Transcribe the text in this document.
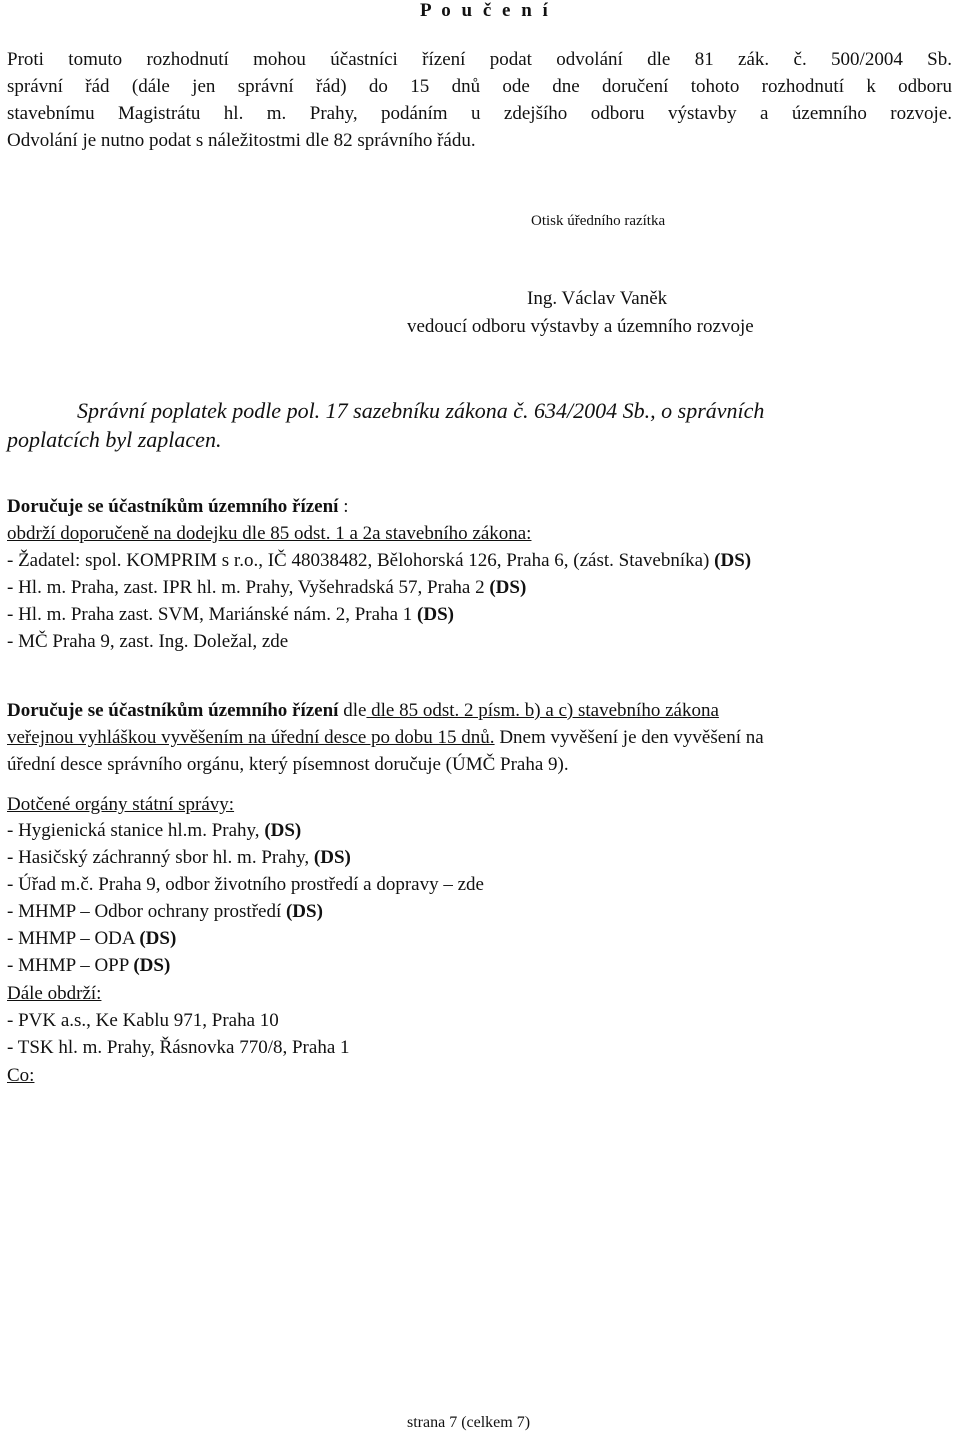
P o u č e n í
Proti tomuto rozhodnutí mohou účastníci řízení podat odvolání dle 81 zák. č. 500/2004 Sb.
správní řád (dále jen správní řád) do 15 dnů ode dne doručení tohoto rozhodnutí k odboru
stavebnímu Magistrátu hl. m. Prahy, podáním u zdejšího odboru výstavby a územního rozvoje.
Odvolání je nutno podat s náležitostmi dle 82 správního řádu.
Otisk úředního razítka
Ing. Václav Vaněk
vedoucí odboru výstavby a územního rozvoje
Správní poplatek podle pol. 17 sazebníku zákona č. 634/2004 Sb., o správních
poplatcích byl zaplacen.
Doručuje se účastníkům územního řízení :
obdrží doporučeně na dodejku dle 85 odst. 1 a 2a stavebního zákona:
- Žadatel: spol. KOMPRIM s r.o., IČ 48038482, Bělohorská 126, Praha 6, (zást. Stavebníka) (DS)
- Hl. m. Praha, zast. IPR hl. m. Prahy, Vyšehradská 57, Praha 2 (DS)
- Hl. m. Praha zast. SVM, Mariánské nám. 2, Praha 1 (DS)
- MČ Praha 9, zast. Ing. Doležal, zde
Doručuje se účastníkům územního řízení dle dle 85 odst. 2 písm. b) a c) stavebního zákona
veřejnou vyhláškou vyvěšením na úřední desce po dobu 15 dnů. Dnem vyvěšení je den vyvěšení na
úřední desce správního orgánu, který písemnost doručuje (ÚMČ Praha 9).
Dotčené orgány státní správy:
- Hygienická stanice hl.m. Prahy, (DS)
- Hasičský záchranný sbor hl. m. Prahy, (DS)
- Úřad m.č. Praha 9, odbor životního prostředí a dopravy – zde
- MHMP – Odbor ochrany prostředí (DS)
- MHMP – ODA (DS)
- MHMP – OPP (DS)
Dále obdrží:
- PVK a.s., Ke Kablu 971, Praha 10
- TSK hl. m. Prahy, Řásnovka 770/8, Praha 1
Co:
strana 7 (celkem 7)
